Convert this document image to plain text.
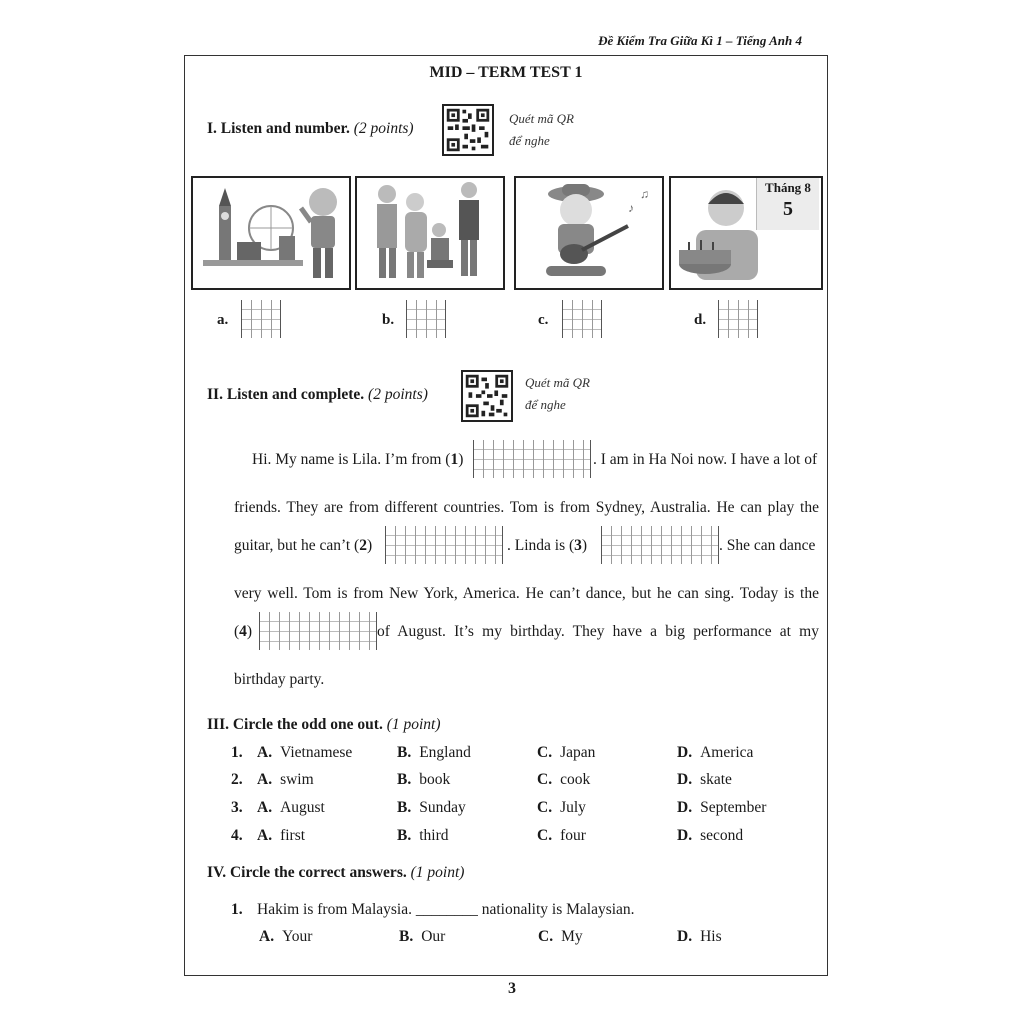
Đề Kiểm Tra Giữa Kì 1 – Tiếng Anh 4
MID – TERM TEST 1
I. Listen and number. (2 points)
Quét mã QR
để nghe
♪
♫	Tháng 8
5
a.	b.	c.	d.
II. Listen and complete. (2 points)
Quét mã QR
để nghe
Hi. My name is Lila. I’m from (1)	. I am in Ha Noi now. I have a lot of
friends. They are from different countries. Tom is from Sydney, Australia. He can play the
guitar, but he can’t (2)	. Linda is (3)	. She can dance
very well. Tom is from New York, America. He can’t dance, but he can sing. Today is the
(4)	of August. It’s my birthday. They have a big performance at my
birthday party.
III. Circle the odd one out. (1 point)
1. A. Vietnamese	B. England	C. Japan	D. America
2. A. swim	B. book	C. cook	D. skate
3. A. August	B. Sunday	C. July	D. September
4. A. first	B. third	C. four	D. second
IV. Circle the correct answers. (1 point)
1. Hakim is from Malaysia. ________ nationality is Malaysian.
A. Your	B. Our	C. My	D. His
3
